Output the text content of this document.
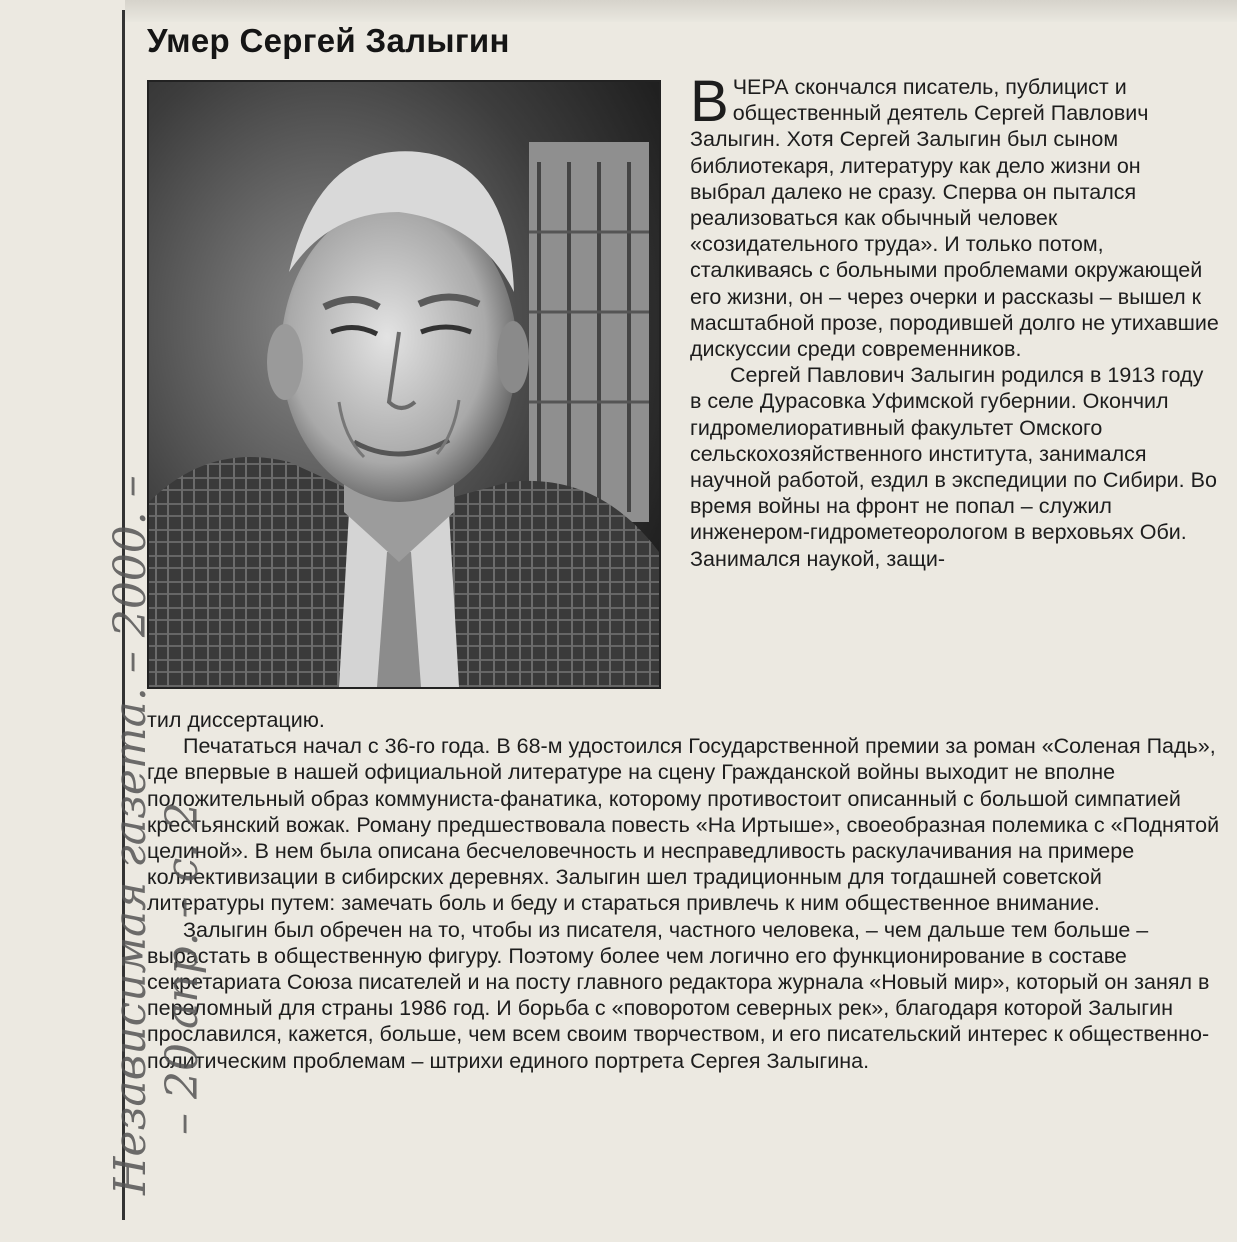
Умер Сергей Залыгин

В ЧЕРА скончался писатель, публицист и общественный деятель Сергей Павлович Залыгин. Хотя Сергей Залыгин был сыном библиотекаря, литературу как дело жизни он выбрал далеко не сразу. Сперва он пытался реализоваться как обычный человек «созидательного труда». И только потом, сталкиваясь с больными проблемами окружающей его жизни, он – через очерки и рассказы – вышел к масштабной прозе, породившей долго не утихавшие дискуссии среди современников.

Сергей Павлович Залыгин родился в 1913 году в селе Дурасовка Уфимской губернии. Окончил гидромелиоративный факультет Омского сельскохозяйственного института, занимался научной работой, ездил в экспедиции по Сибири. Во время войны на фронт не попал – служил инженером-гидрометеорологом в верховьях Оби. Занимался наукой, защи-

тил диссертацию.

Печататься начал с 36-го года. В 68-м удостоился Государственной премии за роман «Соленая Падь», где впервые в нашей официальной литературе на сцену Гражданской войны выходит не вполне положительный образ коммуниста-фанатика, которому противостоит описанный с большой симпатией крестьянский вожак. Роману предшествовала повесть «На Иртыше», своеобразная полемика с «Поднятой целиной». В нем была описана бесчеловечность и несправедливость раскулачивания на примере коллективизации в сибирских деревнях. Залыгин шел традиционным для тогдашней советской литературы путем: замечать боль и беду и стараться привлечь к ним общественное внимание.

Залыгин был обречен на то, чтобы из писателя, частного человека, – чем дальше тем больше – вырастать в общественную фигуру. Поэтому более чем логично его функционирование в составе секретариата Союза писателей и на посту главного редактора журнала «Новый мир», который он занял в переломный для страны 1986 год. И борьба с «поворотом северных рек», благодаря которой Залыгин прославился, кажется, больше, чем всем своим творчеством, и его писательский интерес к общественно-политическим проблемам – штрихи единого портрета Сергея Залыгина.

Независимая газета. – 2000. – – 20 апр. – с. 2
